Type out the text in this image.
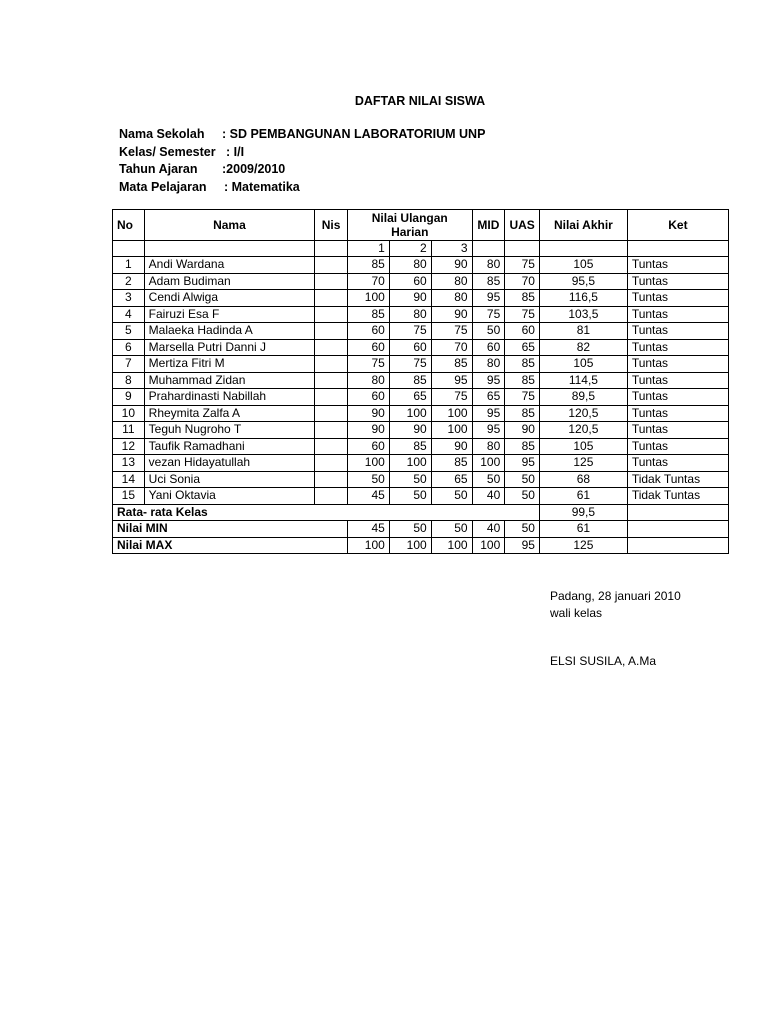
DAFTAR NILAI SISWA
Nama Sekolah	: SD PEMBANGUNAN LABORATORIUM UNP
Kelas/ Semester : I/I
Tahun Ajaran	:2009/2010
Mata Pelajaran	: Matematika
No	Nama	Nis	Nilai Ulangan Harian			MID	UAS	Nilai Akhir	Ket
			1	2	3				
1	Andi Wardana		85	80	90	80	75	105	Tuntas
2	Adam Budiman		70	60	80	85	70	95,5	Tuntas
3	Cendi Alwiga		100	90	80	95	85	116,5	Tuntas
4	Fairuzi Esa F		85	80	90	75	75	103,5	Tuntas
5	Malaeka Hadinda A		60	75	75	50	60	81	Tuntas
6	Marsella Putri Danni J		60	60	70	60	65	82	Tuntas
7	Mertiza Fitri M		75	75	85	80	85	105	Tuntas
8	Muhammad Zidan		80	85	95	95	85	114,5	Tuntas
9	Prahardinasti Nabillah		60	65	75	65	75	89,5	Tuntas
10	Rheymita Zalfa A		90	100	100	95	85	120,5	Tuntas
11	Teguh Nugroho T		90	90	100	95	90	120,5	Tuntas
12	Taufik Ramadhani		60	85	90	80	85	105	Tuntas
13	vezan Hidayatullah		100	100	85	100	95	125	Tuntas
14	Uci Sonia		50	50	65	50	50	68	Tidak Tuntas
15	Yani Oktavia		45	50	50	40	50	61	Tidak Tuntas
Rata- rata Kelas								99,5	
Nilai MIN			45	50	50	40	50	61	
Nilai MAX			100	100	100	100	95	125	
Padang, 28 januari 2010
wali kelas
ELSI SUSILA, A.Ma
